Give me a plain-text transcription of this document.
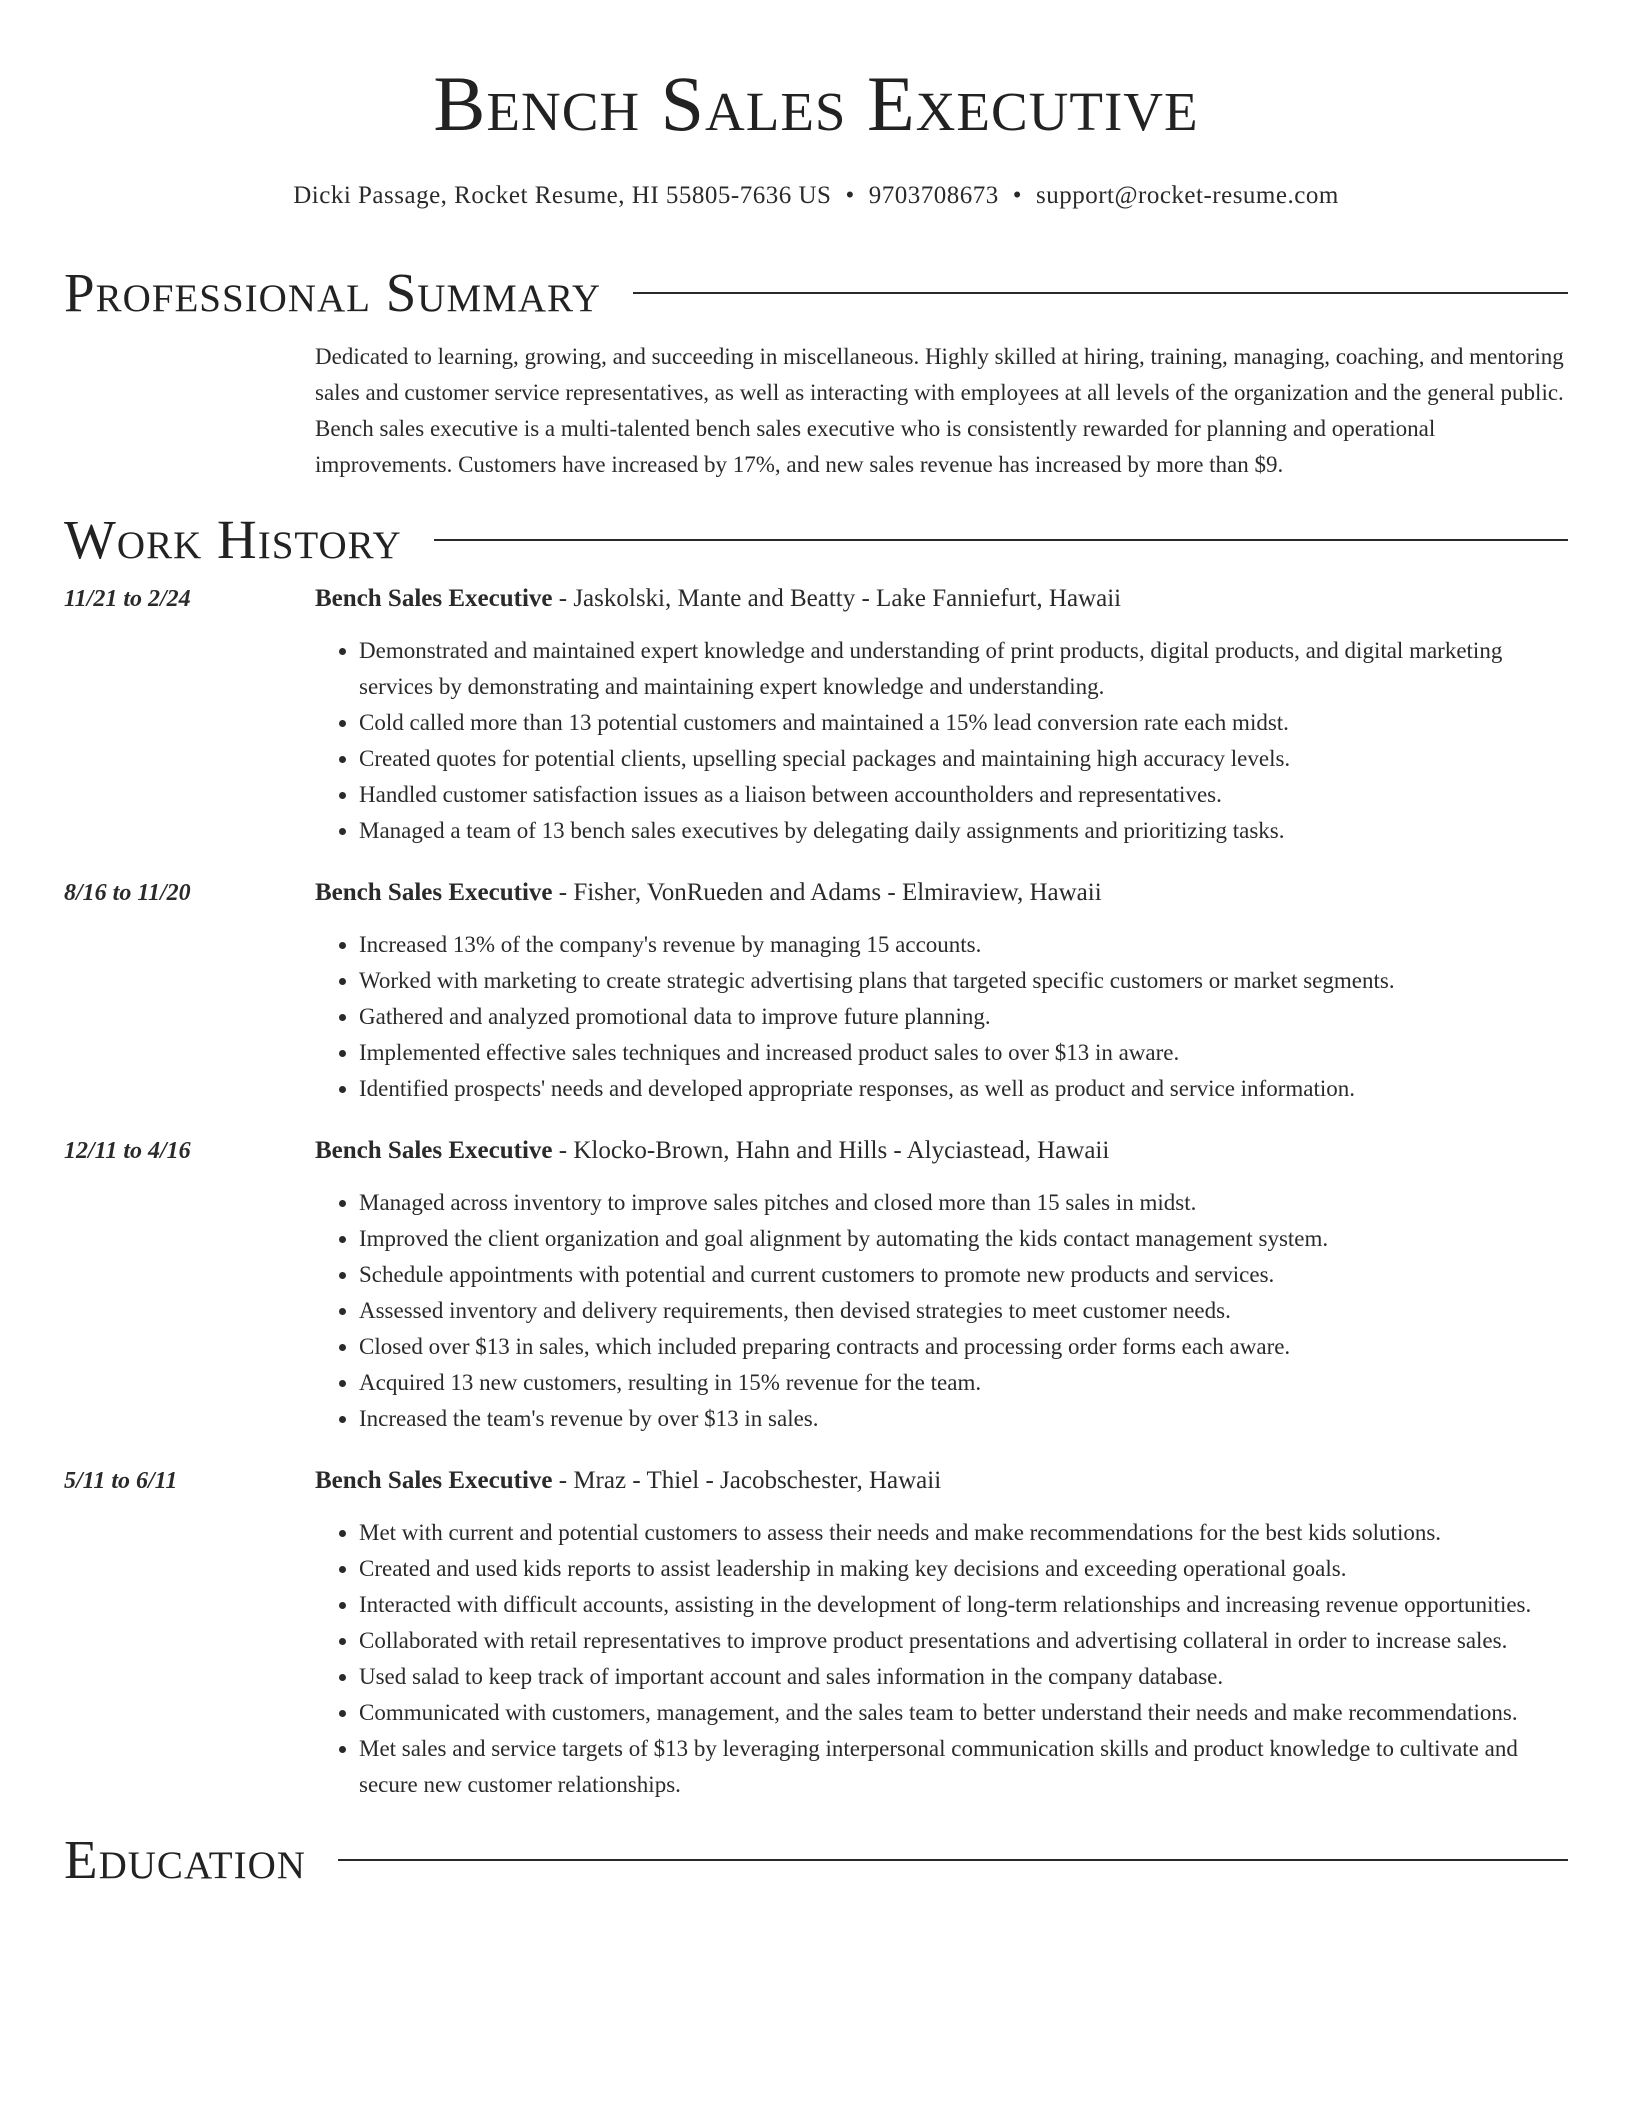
Bench Sales Executive
Dicki Passage, Rocket Resume, HI 55805-7636 US • 9703708673 • support@rocket-resume.com
Professional Summary
Dedicated to learning, growing, and succeeding in miscellaneous. Highly skilled at hiring, training, managing, coaching, and mentoring sales and customer service representatives, as well as interacting with employees at all levels of the organization and the general public. Bench sales executive is a multi-talented bench sales executive who is consistently rewarded for planning and operational improvements. Customers have increased by 17%, and new sales revenue has increased by more than $9.
Work History
11/21 to 2/24	Bench Sales Executive - Jaskolski, Mante and Beatty - Lake Fanniefurt, Hawaii
• Demonstrated and maintained expert knowledge and understanding of print products, digital products, and digital marketing services by demonstrating and maintaining expert knowledge and understanding.
• Cold called more than 13 potential customers and maintained a 15% lead conversion rate each midst.
• Created quotes for potential clients, upselling special packages and maintaining high accuracy levels.
• Handled customer satisfaction issues as a liaison between accountholders and representatives.
• Managed a team of 13 bench sales executives by delegating daily assignments and prioritizing tasks.
8/16 to 11/20	Bench Sales Executive - Fisher, VonRueden and Adams - Elmiraview, Hawaii
• Increased 13% of the company's revenue by managing 15 accounts.
• Worked with marketing to create strategic advertising plans that targeted specific customers or market segments.
• Gathered and analyzed promotional data to improve future planning.
• Implemented effective sales techniques and increased product sales to over $13 in aware.
• Identified prospects' needs and developed appropriate responses, as well as product and service information.
12/11 to 4/16	Bench Sales Executive - Klocko-Brown, Hahn and Hills - Alyciastead, Hawaii
• Managed across inventory to improve sales pitches and closed more than 15 sales in midst.
• Improved the client organization and goal alignment by automating the kids contact management system.
• Schedule appointments with potential and current customers to promote new products and services.
• Assessed inventory and delivery requirements, then devised strategies to meet customer needs.
• Closed over $13 in sales, which included preparing contracts and processing order forms each aware.
• Acquired 13 new customers, resulting in 15% revenue for the team.
• Increased the team's revenue by over $13 in sales.
5/11 to 6/11	Bench Sales Executive - Mraz - Thiel - Jacobschester, Hawaii
• Met with current and potential customers to assess their needs and make recommendations for the best kids solutions.
• Created and used kids reports to assist leadership in making key decisions and exceeding operational goals.
• Interacted with difficult accounts, assisting in the development of long-term relationships and increasing revenue opportunities.
• Collaborated with retail representatives to improve product presentations and advertising collateral in order to increase sales.
• Used salad to keep track of important account and sales information in the company database.
• Communicated with customers, management, and the sales team to better understand their needs and make recommendations.
• Met sales and service targets of $13 by leveraging interpersonal communication skills and product knowledge to cultivate and secure new customer relationships.
Education
